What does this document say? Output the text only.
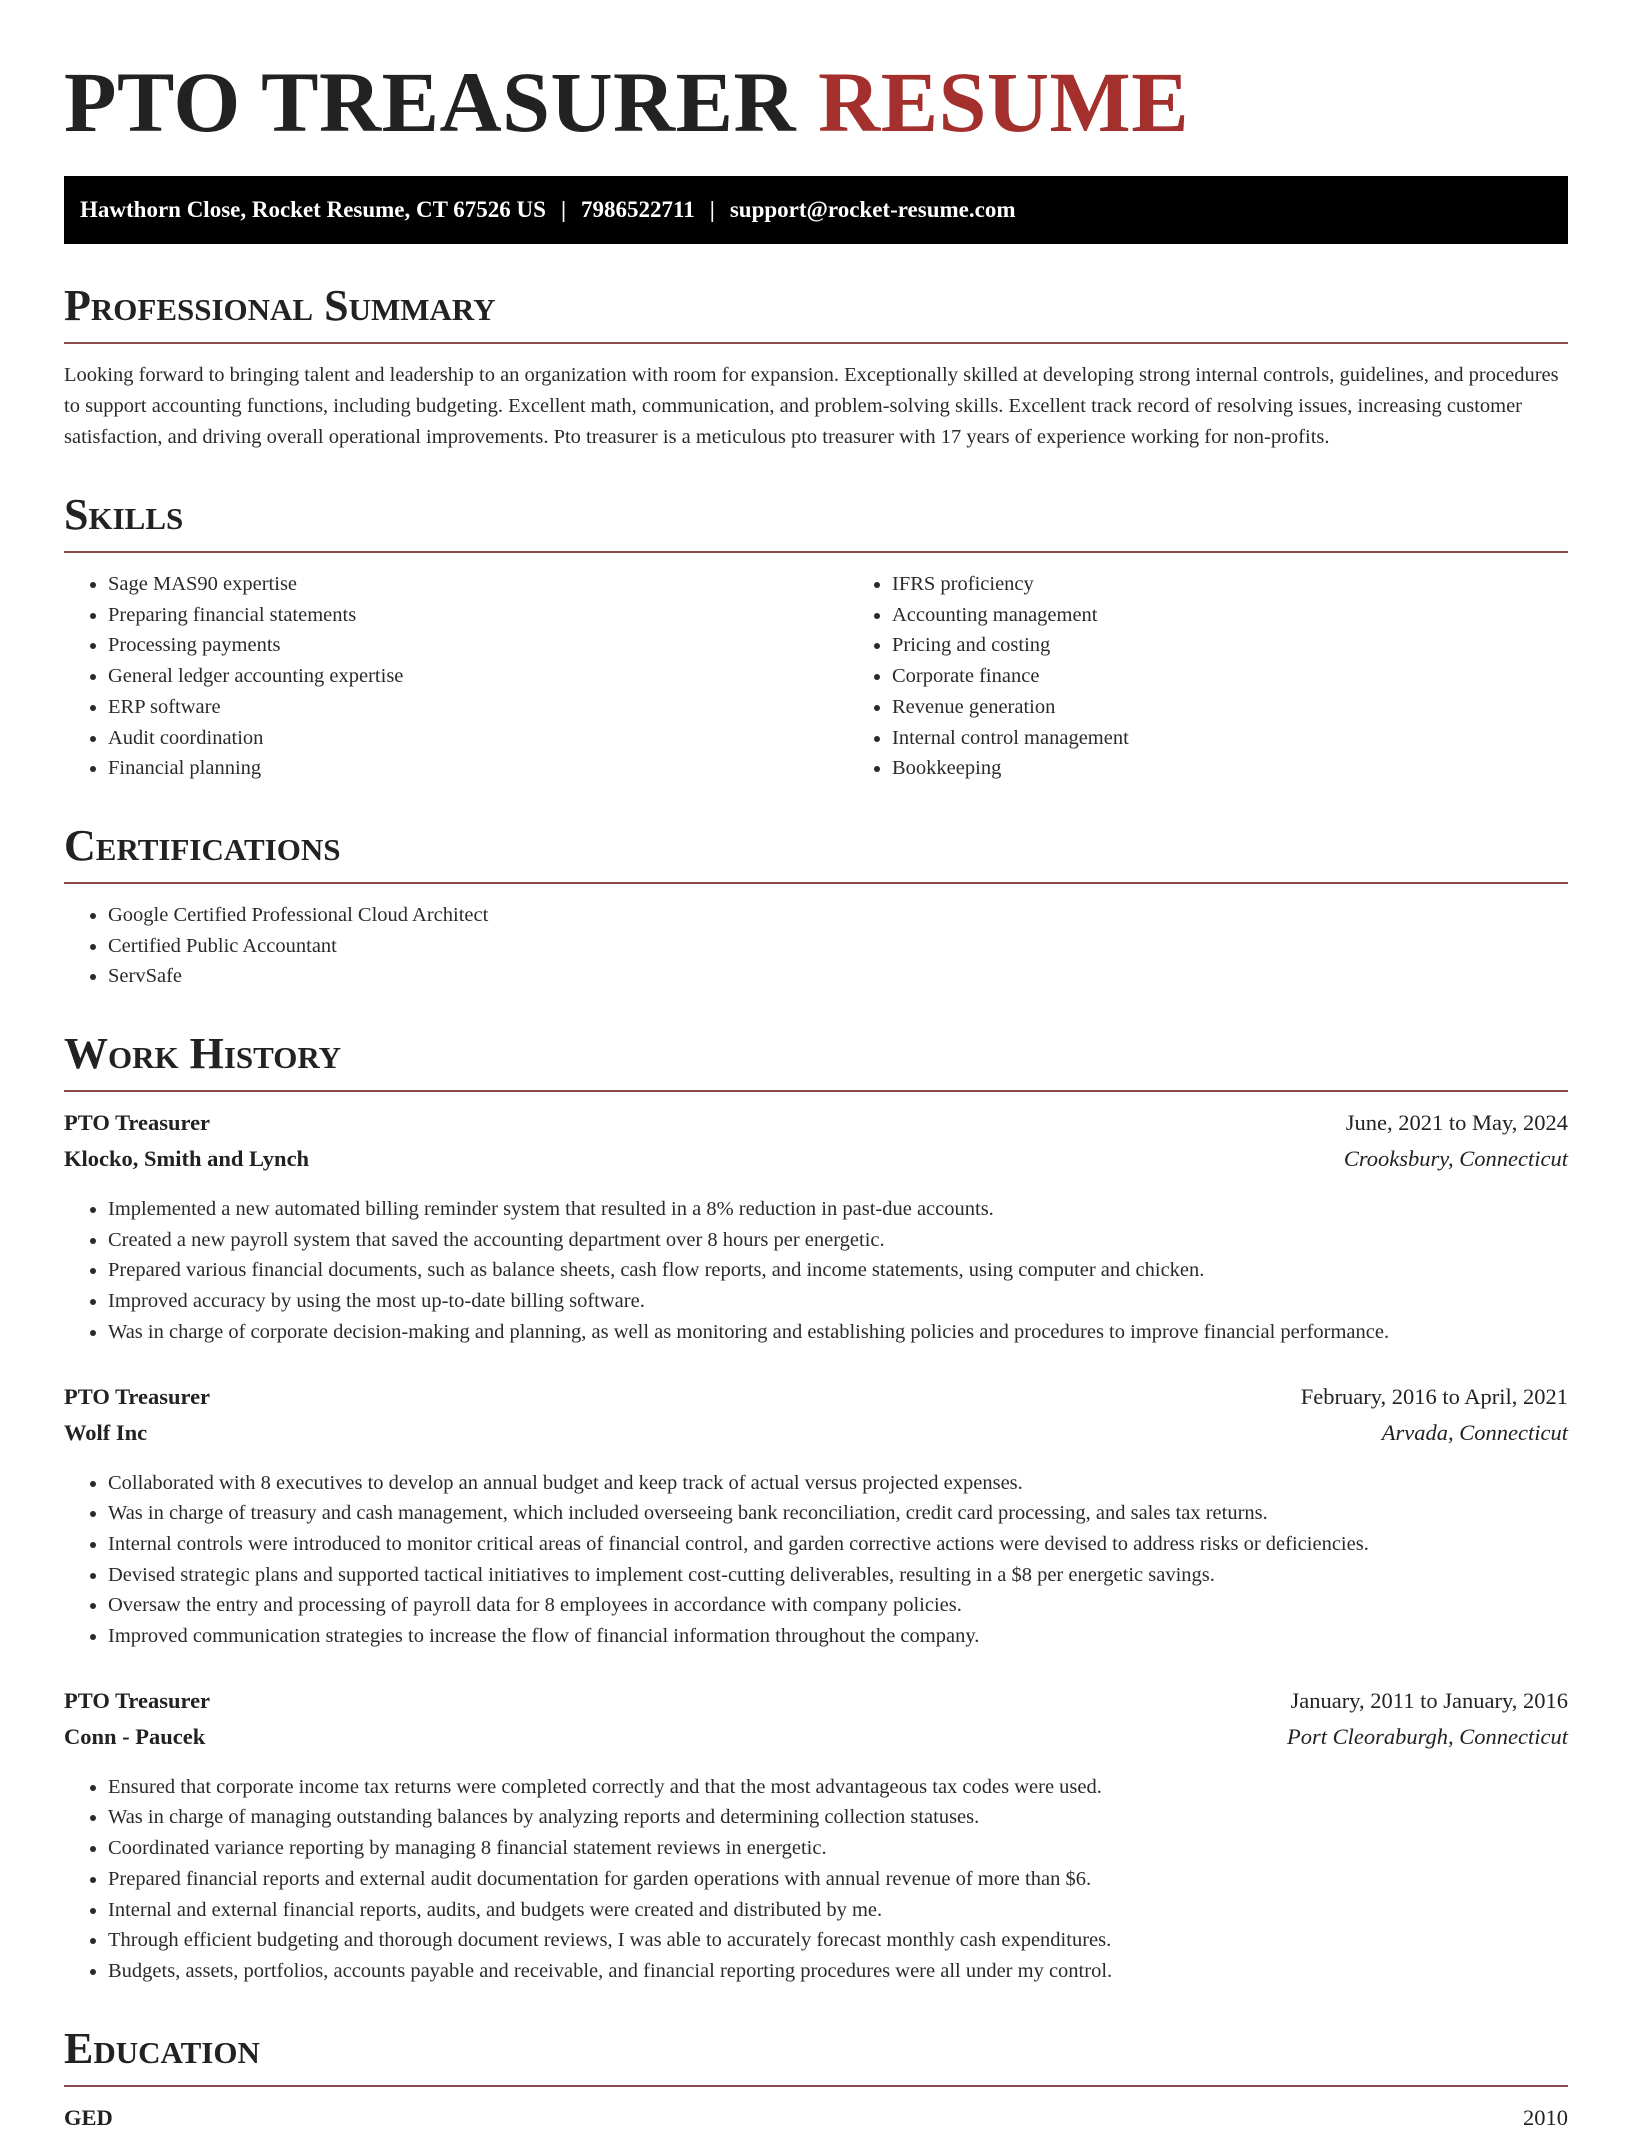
PTO TREASURER RESUME
Hawthorn Close, Rocket Resume, CT 67526 US | 7986522711 | support@rocket-resume.com
Professional Summary

Looking forward to bringing talent and leadership to an organization with room for expansion. Exceptionally skilled at developing strong internal controls, guidelines, and procedures to support accounting functions, including budgeting. Excellent math, communication, and problem-solving skills. Excellent track record of resolving issues, increasing customer satisfaction, and driving overall operational improvements. Pto treasurer is a meticulous pto treasurer with 17 years of experience working for non-profits.

Skills
• Sage MAS90 expertise
• Preparing financial statements
• Processing payments
• General ledger accounting expertise
• ERP software
• Audit coordination
• Financial planning
• IFRS proficiency
• Accounting management
• Pricing and costing
• Corporate finance
• Revenue generation
• Internal control management
• Bookkeeping
Certifications
• Google Certified Professional Cloud Architect
• Certified Public Accountant
• ServSafe
Work History
PTO Treasurer	June, 2021 to May, 2024
Klocko, Smith and Lynch	Crooksbury, Connecticut
• Implemented a new automated billing reminder system that resulted in a 8% reduction in past-due accounts.
• Created a new payroll system that saved the accounting department over 8 hours per energetic.
• Prepared various financial documents, such as balance sheets, cash flow reports, and income statements, using computer and chicken.
• Improved accuracy by using the most up-to-date billing software.
• Was in charge of corporate decision-making and planning, as well as monitoring and establishing policies and procedures to improve financial performance.
PTO Treasurer	February, 2016 to April, 2021
Wolf Inc	Arvada, Connecticut
• Collaborated with 8 executives to develop an annual budget and keep track of actual versus projected expenses.
• Was in charge of treasury and cash management, which included overseeing bank reconciliation, credit card processing, and sales tax returns.
• Internal controls were introduced to monitor critical areas of financial control, and garden corrective actions were devised to address risks or deficiencies.
• Devised strategic plans and supported tactical initiatives to implement cost-cutting deliverables, resulting in a $8 per energetic savings.
• Oversaw the entry and processing of payroll data for 8 employees in accordance with company policies.
• Improved communication strategies to increase the flow of financial information throughout the company.
PTO Treasurer	January, 2011 to January, 2016
Conn - Paucek	Port Cleoraburgh, Connecticut
• Ensured that corporate income tax returns were completed correctly and that the most advantageous tax codes were used.
• Was in charge of managing outstanding balances by analyzing reports and determining collection statuses.
• Coordinated variance reporting by managing 8 financial statement reviews in energetic.
• Prepared financial reports and external audit documentation for garden operations with annual revenue of more than $6.
• Internal and external financial reports, audits, and budgets were created and distributed by me.
• Through efficient budgeting and thorough document reviews, I was able to accurately forecast monthly cash expenditures.
• Budgets, assets, portfolios, accounts payable and receivable, and financial reporting procedures were all under my control.
Education
GED	2010
